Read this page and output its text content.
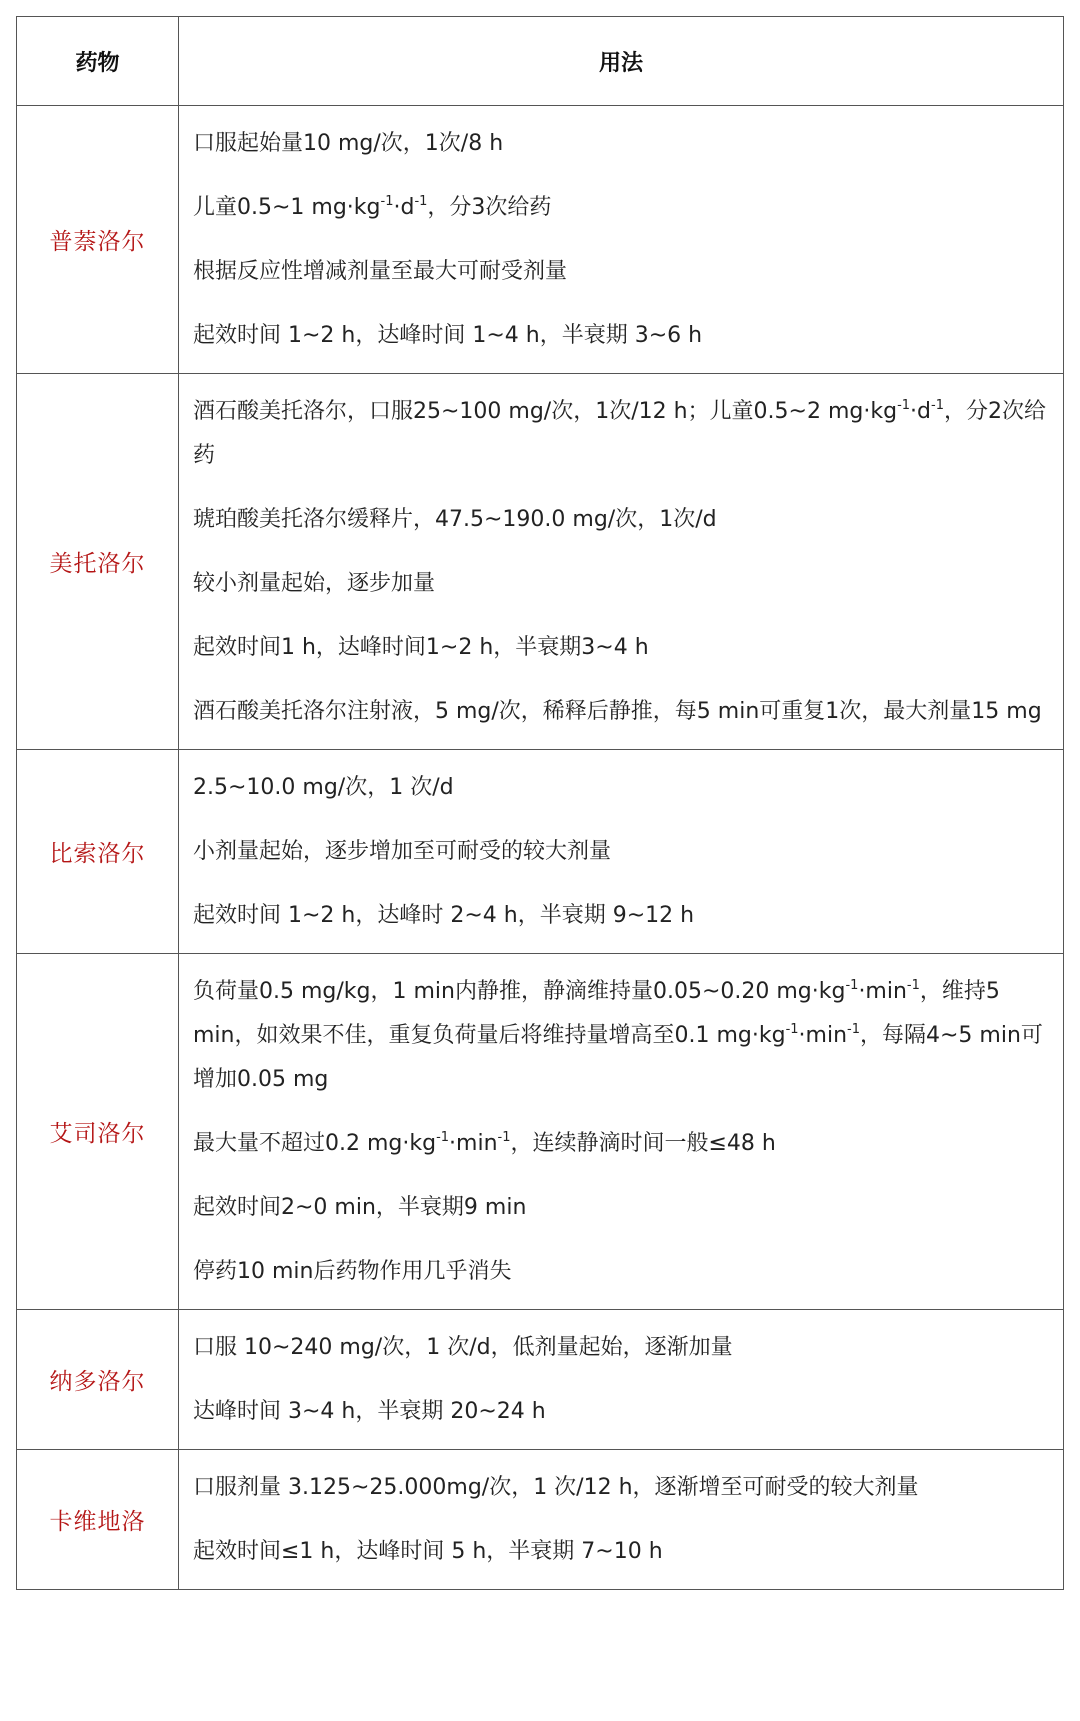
药物	用法
普萘洛尔	口服起始量10 mg/次，1次/8 h
儿童0.5~1 $mg\cdot kg^{-1}\cdot d^{-1}$，分3次给药
根据反应性增减剂量至最大可耐受剂量
起效时间 1~2 h，达峰时间 1~4 h，半衰期 3~6 h

美托洛尔	酒石酸美托洛尔，口服25~100 mg/次，1次/12 h；儿童0.5~2 $mg\cdot kg^{-1}\cdot d^{-1}$，分2次给药
琥珀酸美托洛尔缓释片，47.5~190.0 mg/次，1次/d
较小剂量起始，逐步加量
起效时间1 h，达峰时间1~2 h，半衰期3~4 h
酒石酸美托洛尔注射液，5 mg/次，稀释后静推，每5 min可重复1次，最大剂量15 mg

比索洛尔	2.5~10.0 mg/次，1 次/d
小剂量起始，逐步增加至可耐受的较大剂量
起效时间 1~2 h，达峰时 2~4 h，半衰期 9~12 h

艾司洛尔	负荷量0.5 mg/kg，1 min内静推，静滴维持量0.05~0.20 $mg\cdot kg^{-1}\cdot\min^{-1}$，维持5 min，如效果不佳，重复负荷量后将维持量增高至0.1 $mg\cdot kg^{-1}\cdot\min^{-1}$，每隔4~5 min可增加0.05 mg
最大量不超过0.2 $mg\cdot kg^{-1}\cdot\min^{-1}$，连续静滴时间一般≤48 h
起效时间2~0 min，半衰期9 min
停药10 min后药物作用几乎消失

纳多洛尔	口服 10~240 mg/次，1 次/d，低剂量起始，逐渐加量
达峰时间 3~4 h，半衰期 20~24 h

卡维地洛	口服剂量 3.125~25.000mg/次，1 次/12 h，逐渐增至可耐受的较大剂量
起效时间≤1 h，达峰时间 5 h，半衰期 7~10 h
